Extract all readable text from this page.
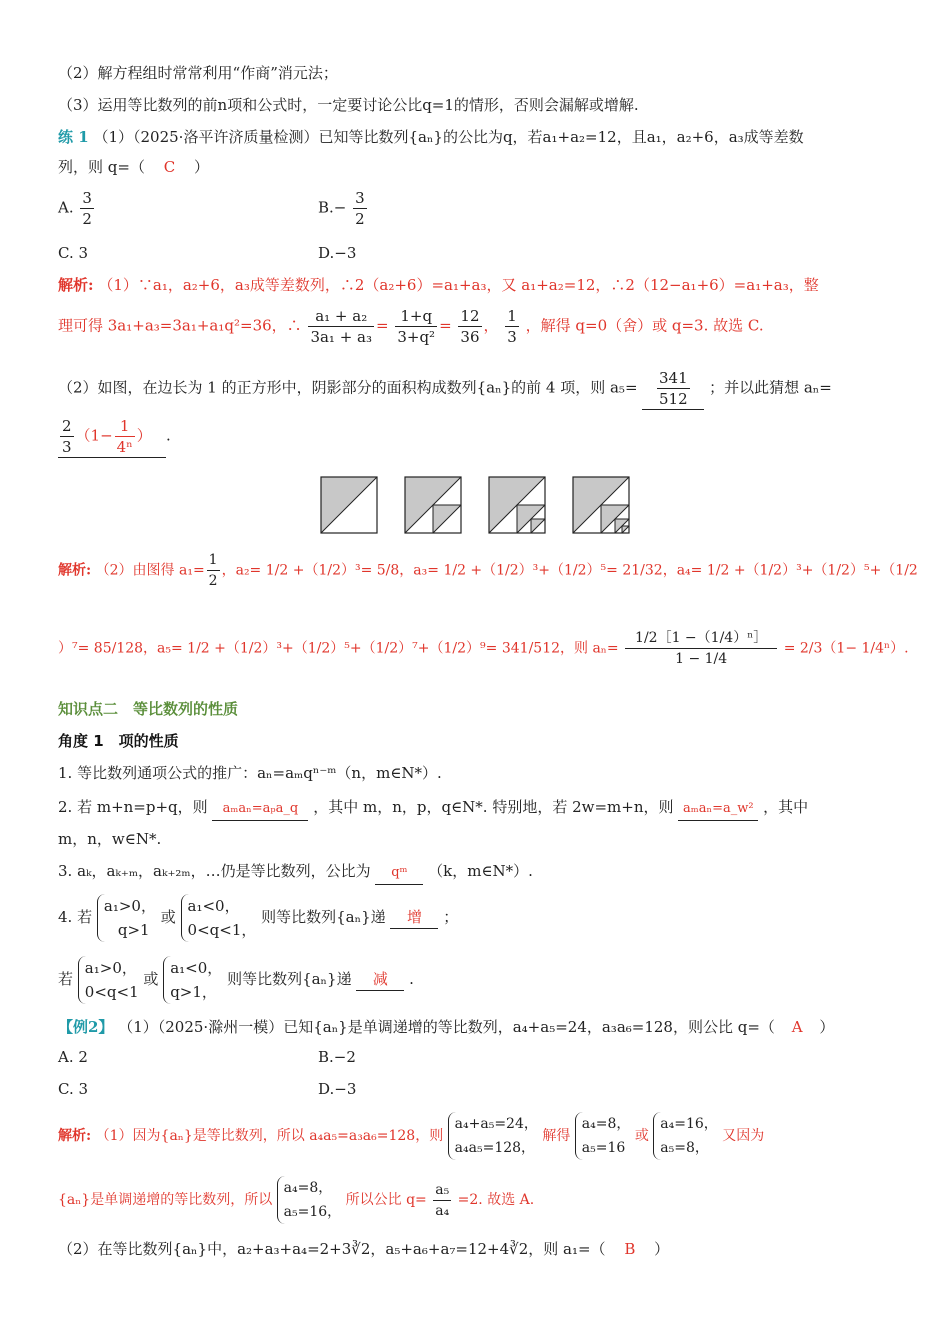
（2）解方程组时常常利用“作商”消元法；
（3）运用等比数列的前n项和公式时，一定要讨论公比q=1的情形，否则会漏解或增解.
练 1 （1）（2025·洛平许济质量检测）已知等比数列{aₙ}的公比为q，若a₁+a₂=12，且a₁，a₂+6，a₃成等差数
列，则 q=（ C ）
A. $\frac{3}{2}$	$B.- \frac{3}{2}$
C. 3	D.−3
解析: （1）∵a₁，a₂+6，a₃成等差数列，∴2（a₂+6）=a₁+a₃，又 a₁+a₂=12，∴2（12−a₁+6）=a₁+a₃，整
理可得 3a₁+a₃=3a₁+a₁q²=36，∴ $\frac{\text{a₁ + a₂}}{\text{3a₁ + a₃}} = \frac{1+q}{\text{3+q²}} = \frac{12}{36}$ ， $\frac{1}{3}$ ，解得 q=0（舍）或 q=3. 故选 C.
（2）如图，在边长为 1 的正方形中，阴影部分的面积构成数列{aₙ}的前 4 项，则 $a_5= \frac{341}{512}$ ；并以此猜想 aₙ=
$\frac{2}{3} (1- \frac{1}{\text{4ⁿ}}$ ） .
解析: （2）由图得 $a_1= \frac{1}{2}$ ，a₂= 1/2 +（1/2）³= 5/8，a₃= 1/2 +（1/2）³+（1/2）⁵= 21/32，a₄= 1/2 +（1/2）³+（1/2）⁵+（1/2
）⁷= 85/128，a₅= 1/2 +（1/2）³+（1/2）⁵+（1/2）⁷+（1/2）⁹= 341/512，则 $a_n= \frac{\text{1/2［1 −（1/4）ⁿ］}}{1 - 1/4} = 2/3(1- 1/4^n)$.
知识点二　等比数列的性质
角度 1　项的性质
1. 等比数列通项公式的推广：aₙ=aₘqⁿ⁻ᵐ（n，m∈N*）.
2. 若 m+n=p+q，则 aₘaₙ=aₚa_q ，其中 m，n，p，q∈N*. 特别地，若 2w=m+n，则 aₘaₙ=a_w² ，其中
m，n，w∈N*.
3. aₖ，aₖ₊ₘ，aₖ₊₂ₘ，…仍是等比数列，公比为 qᵐ （k，m∈N*）.
4. 若
a₁>0，
q>1
或
a₁<0，
0<q<1，
则等比数列{aₙ}递 增 ；
若
a₁>0，
0<q<1
或
a₁<0，
q>1，
则等比数列{aₙ}递 减 .
【例2】 （1）（2025·滁州一模）已知{aₙ}是单调递增的等比数列，a₄+a₅=24，a₃a₆=128，则公比 q=（ A ）
A. 2	B.−2
C. 3	D.−3
解析: （1）因为{aₙ}是等比数列，所以 a₄a₅=a₃a₆=128，则
a₄+a₅=24，
a₄a₅=128，
解得
a₄=8，
a₅=16
或
a₄=16，
a₅=8，
又因为
{aₙ}是单调递增的等比数列，所以
a₄=8，
a₅=16，
所以公比 $q= \frac{\text{a₅}}{\text{a₄}} =2$. 故选 A.
（2）在等比数列{aₙ}中，a₂+a₃+a₄=2+3∛2，a₅+a₆+a₇=12+4∛2，则 a₁=（ B ）
